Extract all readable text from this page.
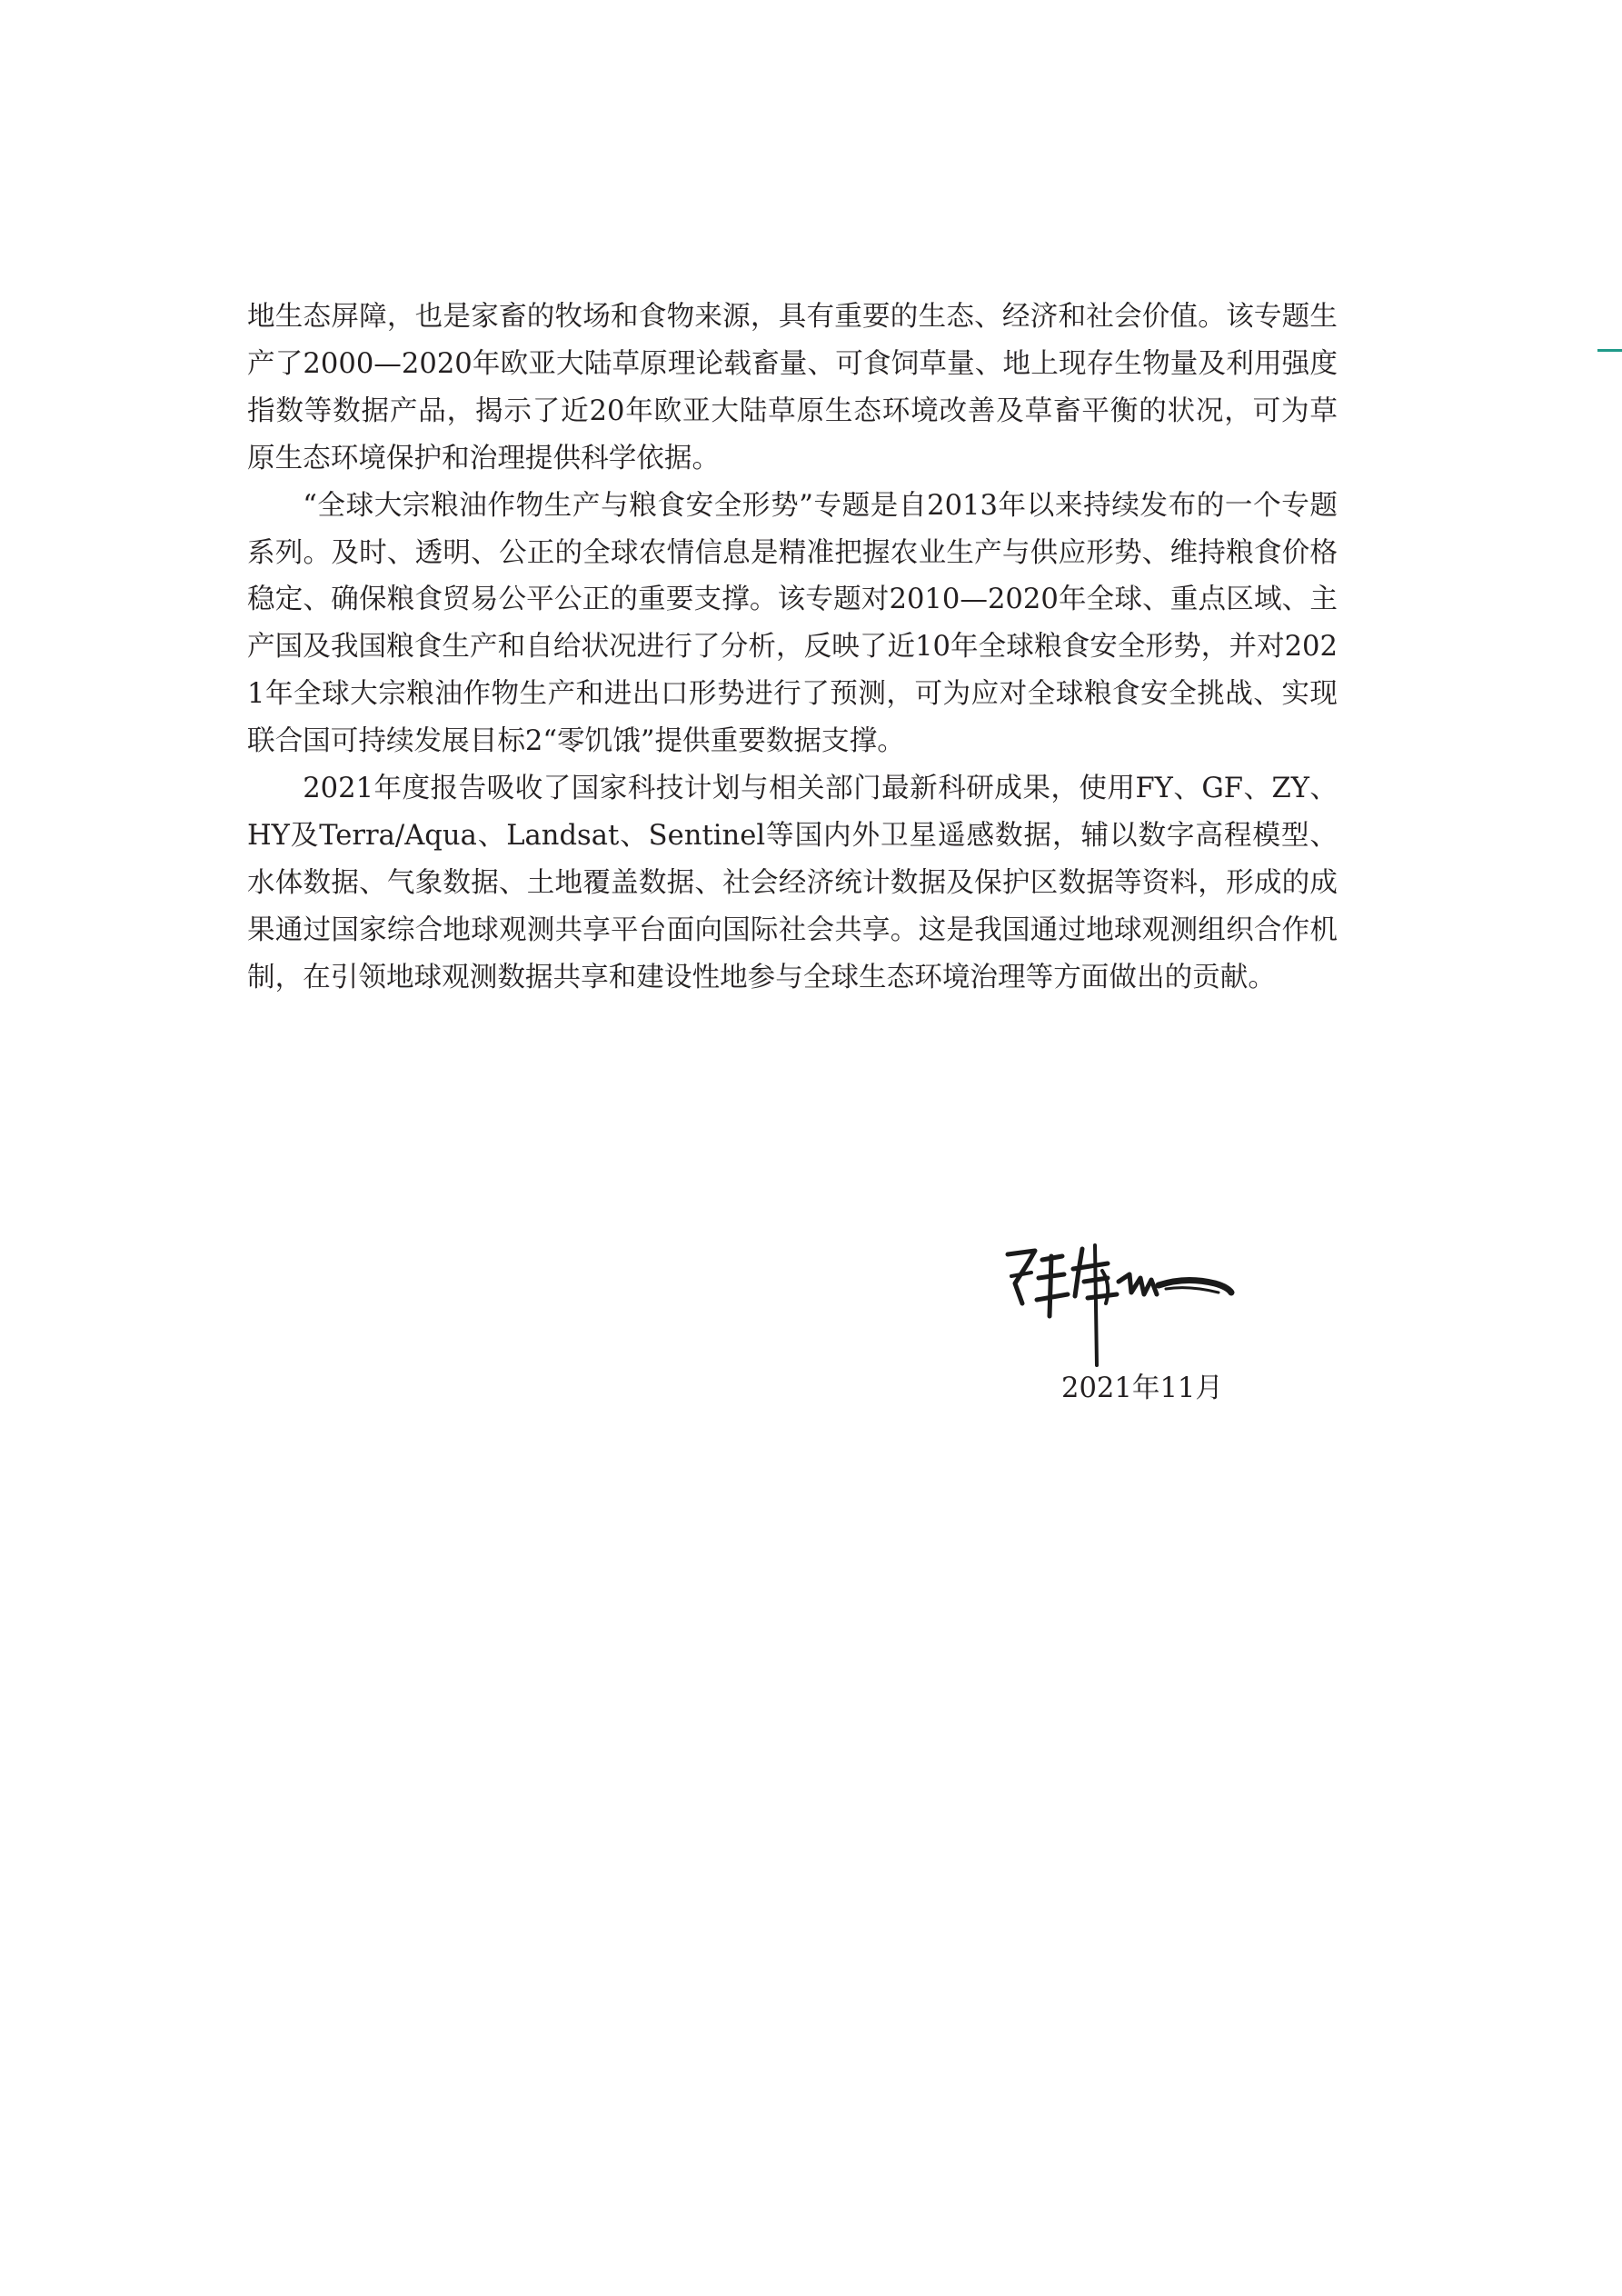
地生态屏障，也是家畜的牧场和食物来源，具有重要的生态、经济和社会价值。该专题生产了2000—2020年欧亚大陆草原理论载畜量、可食饲草量、地上现存生物量及利用强度指数等数据产品，揭示了近20年欧亚大陆草原生态环境改善及草畜平衡的状况，可为草原生态环境保护和治理提供科学依据。

“全球大宗粮油作物生产与粮食安全形势”专题是自2013年以来持续发布的一个专题系列。及时、透明、公正的全球农情信息是精准把握农业生产与供应形势、维持粮食价格稳定、确保粮食贸易公平公正的重要支撑。该专题对2010—2020年全球、重点区域、主产国及我国粮食生产和自给状况进行了分析，反映了近10年全球粮食安全形势，并对2021年全球大宗粮油作物生产和进出口形势进行了预测，可为应对全球粮食安全挑战、实现联合国可持续发展目标2“零饥饿”提供重要数据支撑。

2021年度报告吸收了国家科技计划与相关部门最新科研成果，使用FY、GF、ZY、HY及Terra/Aqua、Landsat、Sentinel等国内外卫星遥感数据，辅以数字高程模型、水体数据、气象数据、土地覆盖数据、社会经济统计数据及保护区数据等资料，形成的成果通过国家综合地球观测共享平台面向国际社会共享。这是我国通过地球观测组织合作机制，在引领地球观测数据共享和建设性地参与全球生态环境治理等方面做出的贡献。

2021年11月
